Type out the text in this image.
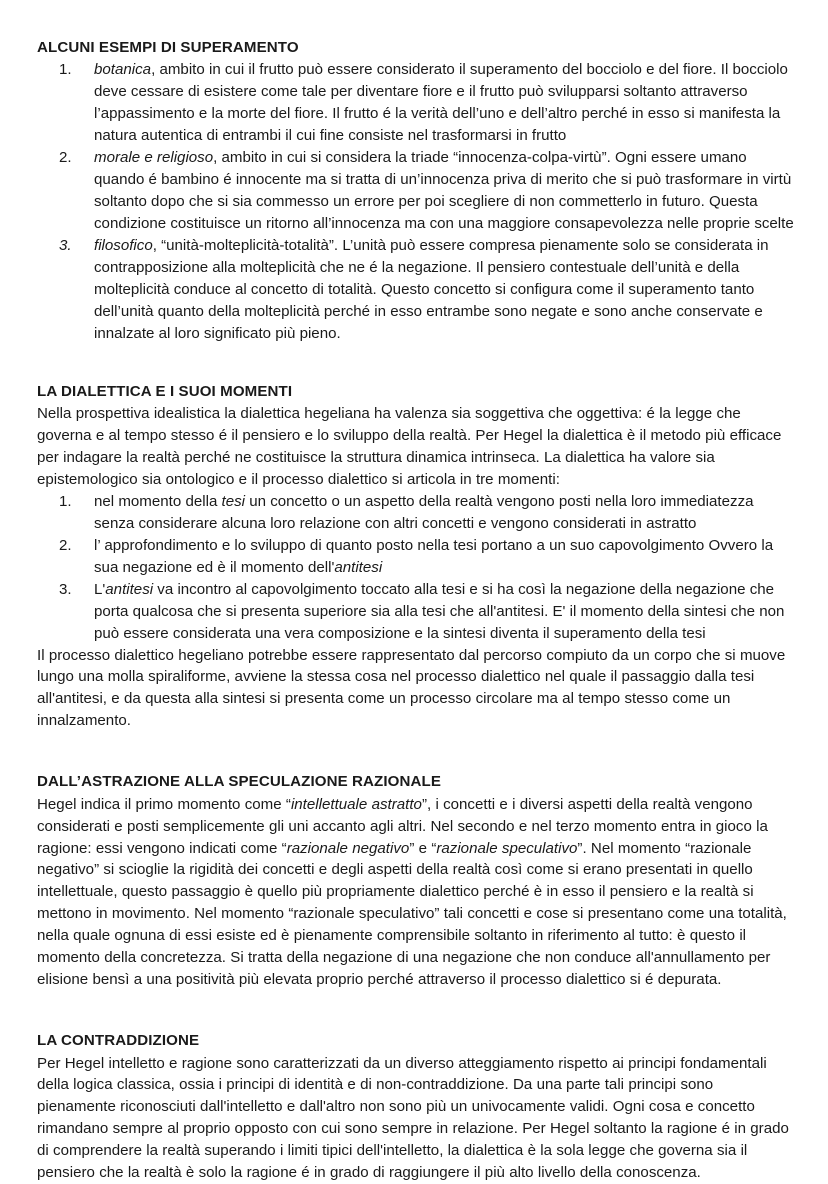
ALCUNI ESEMPI DI SUPERAMENTO
1.	botanica, ambito in cui il frutto può essere considerato il superamento del bocciolo e del fiore. Il bocciolo deve cessare di esistere come tale per diventare fiore e il frutto può svilupparsi soltanto attraverso l’appassimento e la morte del fiore. Il frutto é la verità dell’uno e dell’altro perché in esso si manifesta la natura autentica di entrambi il cui fine consiste nel trasformarsi in frutto
2.	morale e religioso, ambito in cui si considera la triade “innocenza-colpa-virtù”. Ogni essere umano quando é bambino é innocente ma si tratta di un’innocenza priva di merito che si può trasformare in virtù soltanto dopo che si sia commesso un errore per poi scegliere di non commetterlo in futuro. Questa condizione costituisce un ritorno all’innocenza ma con una maggiore consapevolezza nelle proprie scelte
3.	filosofico, “unità-molteplicità-totalità”. L’unità può essere compresa pienamente solo se considerata in contrapposizione alla molteplicità che ne é la negazione. Il pensiero contestuale dell’unità e della molteplicità conduce al concetto di totalità. Questo concetto si configura come il superamento tanto dell’unità quanto della molteplicità perché in esso entrambe sono negate e sono anche conservate e innalzate al loro significato più pieno.
LA DIALETTICA E I SUOI MOMENTI

Nella prospettiva idealistica la dialettica hegeliana ha valenza sia soggettiva che oggettiva: é la legge che governa e al tempo stesso é il pensiero e lo sviluppo della realtà. Per Hegel la dialettica è il metodo più efficace per indagare la realtà perché ne costituisce la struttura dinamica intrinseca. La dialettica ha valore sia epistemologico sia ontologico e il processo dialettico si articola in tre momenti:

1.	nel momento della tesi un concetto o un aspetto della realtà vengono posti nella loro immediatezza senza considerare alcuna loro relazione con altri concetti e vengono considerati in astratto
2.	l’ approfondimento e lo sviluppo di quanto posto nella tesi portano a un suo capovolgimento Ovvero la sua negazione ed è il momento dell'antitesi
3.	L'antitesi va incontro al capovolgimento toccato alla tesi e si ha così la negazione della negazione che porta qualcosa che si presenta superiore sia alla tesi che all'antitesi. E' il momento della sintesi che non può essere considerata una vera composizione e la sintesi diventa il superamento della tesi

Il processo dialettico hegeliano potrebbe essere rappresentato dal percorso compiuto da un corpo che si muove lungo una molla spiraliforme, avviene la stessa cosa nel processo dialettico nel quale il passaggio dalla tesi all'antitesi, e da questa alla sintesi si presenta come un processo circolare ma al tempo stesso come un innalzamento.

DALL’ASTRAZIONE ALLA SPECULAZIONE RAZIONALE

Hegel indica il primo momento come “intellettuale astratto”, i concetti e i diversi aspetti della realtà vengono considerati e posti semplicemente gli uni accanto agli altri. Nel secondo e nel terzo momento entra in gioco la ragione: essi vengono indicati come “razionale negativo” e “razionale speculativo”. Nel momento “razionale negativo” si scioglie la rigidità dei concetti e degli aspetti della realtà così come si erano presentati in quello intellettuale, questo passaggio è quello più propriamente dialettico perché è in esso il pensiero e la realtà si mettono in movimento. Nel momento “razionale speculativo” tali concetti e cose si presentano come una totalità, nella quale ognuna di essi esiste ed è pienamente comprensibile soltanto in riferimento al tutto: è questo il momento della concretezza. Si tratta della negazione di una negazione che non conduce all'annullamento per elisione bensì a una positività più elevata proprio perché attraverso il processo dialettico si é depurata.

LA CONTRADDIZIONE

Per Hegel intelletto e ragione sono caratterizzati da un diverso atteggiamento rispetto ai principi fondamentali della logica classica, ossia i principi di identità e di non-contraddizione. Da una parte tali principi sono pienamente riconosciuti dall'intelletto e dall'altro non sono più un univocamente validi. Ogni cosa e concetto rimandano sempre al proprio opposto con cui sono sempre in relazione. Per Hegel soltanto la ragione é in grado di comprendere la realtà superando i limiti tipici dell'intelletto, la dialettica è la sola legge che governa sia il pensiero che la realtà è solo la ragione é in grado di raggiungere il più alto livello della conoscenza.
